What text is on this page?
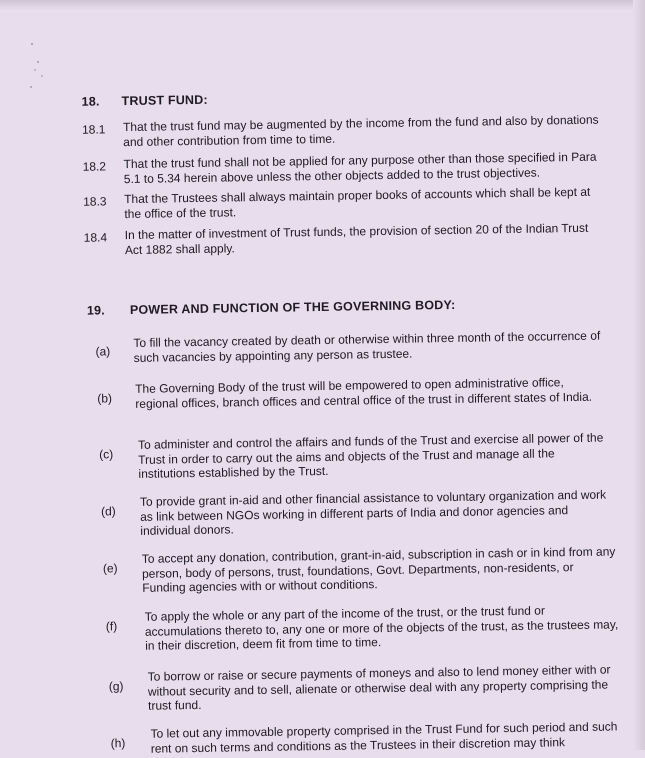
18. TRUST FUND:
18.1 That the trust fund may be augmented by the income from the fund and also by donations and other contribution from time to time.
18.2 That the trust fund shall not be applied for any purpose other than those specified in Para 5.1 to 5.34 herein above unless the other objects added to the trust objectives.
18.3 That the Trustees shall always maintain proper books of accounts which shall be kept at the office of the trust.
18.4 In the matter of investment of Trust funds, the provision of section 20 of the Indian Trust Act 1882 shall apply.
19. POWER AND FUNCTION OF THE GOVERNING BODY:
(a)
To fill the vacancy created by death or otherwise within three month of the occurrence of such vacancies by appointing any person as trustee.
(b)
The Governing Body of the trust will be empowered to open administrative office, regional offices, branch offices and central office of the trust in different states of India.
(c)
To administer and control the affairs and funds of the Trust and exercise all power of the Trust in order to carry out the aims and objects of the Trust and manage all the institutions established by the Trust.
(d)
To provide grant in-aid and other financial assistance to voluntary organization and work as link between NGOs working in different parts of India and donor agencies and individual donors.
(e)
To accept any donation, contribution, grant-in-aid, subscription in cash or in kind from any person, body of persons, trust, foundations, Govt. Departments, non-residents, or Funding agencies with or without conditions.
(f)
To apply the whole or any part of the income of the trust, or the trust fund or accumulations thereto to, any one or more of the objects of the trust, as the trustees may, in their discretion, deem fit from time to time.
(g)
To borrow or raise or secure payments of moneys and also to lend money either with or without security and to sell, alienate or otherwise deal with any property comprising the trust fund.
(h)
To let out any immovable property comprised in the Trust Fund for such period and such rent on such terms and conditions as the Trustees in their discretion may think
